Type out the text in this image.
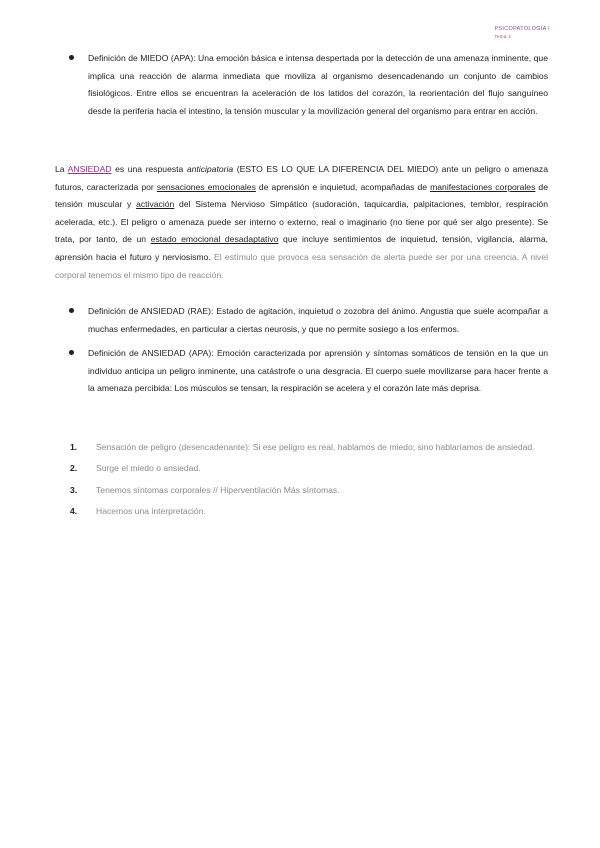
PSICOPATOLOGÍA I
Tema 4
Definición de MIEDO (APA): Una emoción básica e intensa despertada por la detección de una amenaza inminente, que implica una reacción de alarma inmediata que moviliza al organismo desencadenando un conjunto de cambios fisiológicos. Entre ellos se encuentran la aceleración de los latidos del corazón, la reorientación del flujo sanguíneo desde la periferia hacia el intestino, la tensión muscular y la movilización general del organismo para entrar en acción.
La ANSIEDAD es una respuesta anticipatoria (ESTO ES LO QUE LA DIFERENCIA DEL MIEDO) ante un peligro o amenaza futuros, caracterizada por sensaciones emocionales de aprensión e inquietud, acompañadas de manifestaciones corporales de tensión muscular y activación del Sistema Nervioso Simpático (sudoración, taquicardia, palpitaciones, temblor, respiración acelerada, etc.). El peligro o amenaza puede ser interno o externo, real o imaginario (no tiene por qué ser algo presente). Se trata, por tanto, de un estado emocional desadaptativo que incluye sentimientos de inquietud, tensión, vigilancia, alarma, aprensión hacia el futuro y nerviosismo. El estímulo que provoca esa sensación de alerta puede ser por una creencia. A nivel corporal tenemos el mismo tipo de reacción.
Definición de ANSIEDAD (RAE): Estado de agitación, inquietud o zozobra del ánimo. Angustia que suele acompañar a muchas enfermedades, en particular a ciertas neurosis, y que no permite sosiego a los enfermos.
Definición de ANSIEDAD (APA): Emoción caracterizada por aprensión y síntomas somáticos de tensión en la que un individuo anticipa un peligro inminente, una catástrofe o una desgracia. El cuerpo suele movilizarse para hacer frente a la amenaza percibida: Los músculos se tensan, la respiración se acelera y el corazón late más deprisa.
1. Sensación de peligro (desencadenante): Si ese peligro es real, hablamos de miedo; sino hablaríamos de ansiedad.
2. Surge el miedo o ansiedad.
3. Tenemos síntomas corporales // Hiperventilación Más síntomas.
4. Hacemos una interpretación.
